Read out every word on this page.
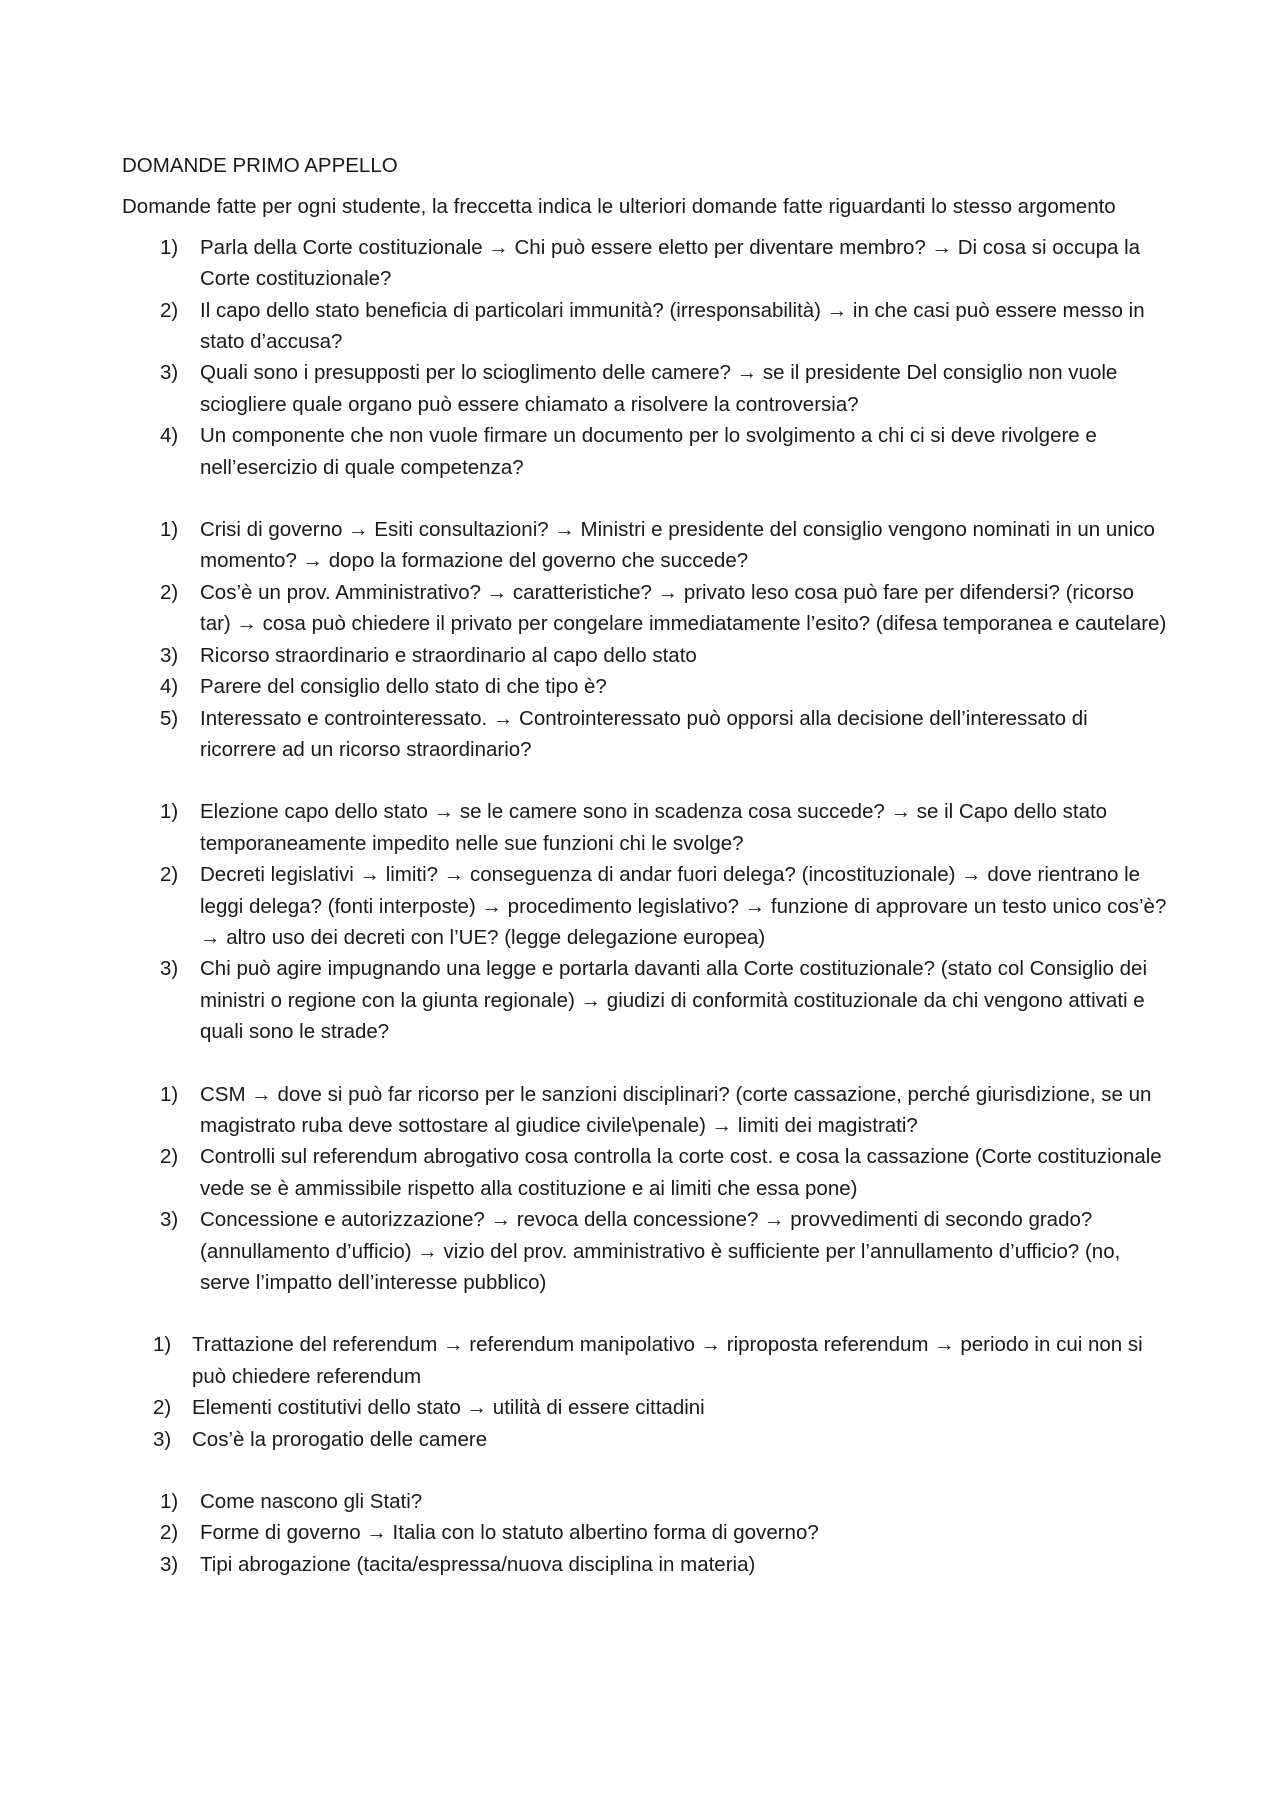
DOMANDE PRIMO APPELLO

Domande fatte per ogni studente, la freccetta indica le ulteriori domande fatte riguardanti lo stesso argomento

1) Parla della Corte costituzionale → Chi può essere eletto per diventare membro? → Di cosa si occupa la Corte costituzionale?
2) Il capo dello stato beneficia di particolari immunità? (irresponsabilità) → in che casi può essere messo in stato d’accusa?
3) Quali sono i presupposti per lo scioglimento delle camere? → se il presidente Del consiglio non vuole sciogliere quale organo può essere chiamato a risolvere la controversia?
4) Un componente che non vuole firmare un documento per lo svolgimento a chi ci si deve rivolgere e nell’esercizio di quale competenza?
1) Crisi di governo → Esiti consultazioni? → Ministri e presidente del consiglio vengono nominati in un unico momento? → dopo la formazione del governo che succede?
2) Cos’è un prov. Amministrativo? → caratteristiche? → privato leso cosa può fare per difendersi? (ricorso tar) → cosa può chiedere il privato per congelare immediatamente l’esito? (difesa temporanea e cautelare)
3) Ricorso straordinario e straordinario al capo dello stato
4) Parere del consiglio dello stato di che tipo è?
5) Interessato e controinteressato. → Controinteressato può opporsi alla decisione dell’interessato di ricorrere ad un ricorso straordinario?
1) Elezione capo dello stato → se le camere sono in scadenza cosa succede? → se il Capo dello stato temporaneamente impedito nelle sue funzioni chi le svolge?
2) Decreti legislativi → limiti? → conseguenza di andar fuori delega? (incostituzionale) → dove rientrano le leggi delega? (fonti interposte) → procedimento legislativo? → funzione di approvare un testo unico cos’è? → altro uso dei decreti con l’UE? (legge delegazione europea)
3) Chi può agire impugnando una legge e portarla davanti alla Corte costituzionale? (stato col Consiglio dei ministri o regione con la giunta regionale) → giudizi di conformità costituzionale da chi vengono attivati e quali sono le strade?
1) CSM → dove si può far ricorso per le sanzioni disciplinari? (corte cassazione, perché giurisdizione, se un magistrato ruba deve sottostare al giudice civile\penale) → limiti dei magistrati?
2) Controlli sul referendum abrogativo cosa controlla la corte cost. e cosa la cassazione (Corte costituzionale vede se è ammissibile rispetto alla costituzione e ai limiti che essa pone)
3) Concessione e autorizzazione? → revoca della concessione? → provvedimenti di secondo grado? (annullamento d’ufficio) → vizio del prov. amministrativo è sufficiente per l’annullamento d’ufficio? (no, serve l’impatto dell’interesse pubblico)
1) Trattazione del referendum → referendum manipolativo → riproposta referendum → periodo in cui non si può chiedere referendum
2) Elementi costitutivi dello stato → utilità di essere cittadini
3) Cos’è la prorogatio delle camere
1) Come nascono gli Stati?
2) Forme di governo → Italia con lo statuto albertino forma di governo?
3) Tipi abrogazione (tacita/espressa/nuova disciplina in materia)
